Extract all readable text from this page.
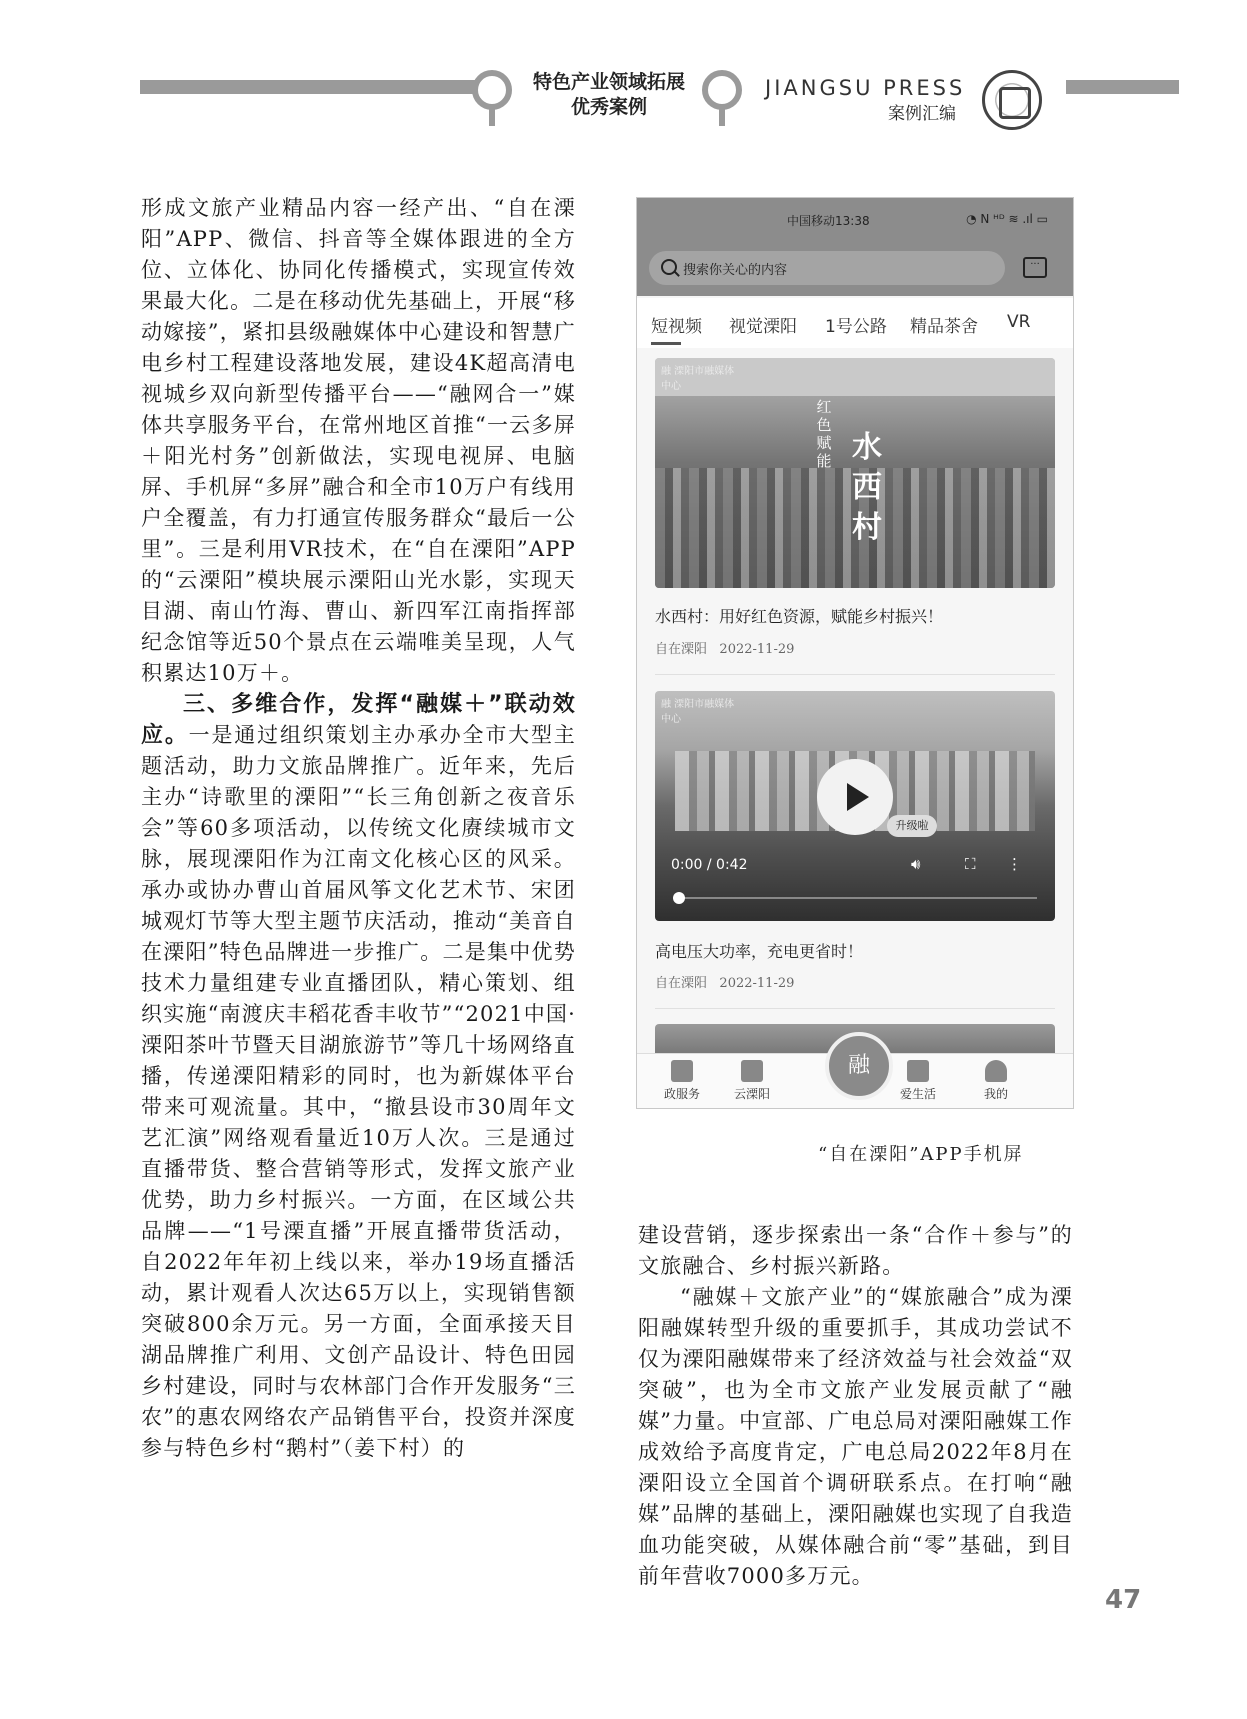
特色产业领域拓展
优秀案例
JIANGSU PRESS
案例汇编

形成文旅产业精品内容一经产出、“自在溧阳”APP、微信、抖音等全媒体跟进的全方位、立体化、协同化传播模式，实现宣传效果最大化。二是在移动优先基础上，开展“移动嫁接”，紧扣县级融媒体中心建设和智慧广电乡村工程建设落地发展，建设4K超高清电视城乡双向新型传播平台——“融网合一”媒体共享服务平台，在常州地区首推“一云多屏＋阳光村务”创新做法，实现电视屏、电脑屏、手机屏“多屏”融合和全市10万户有线用户全覆盖，有力打通宣传服务群众“最后一公里”。三是利用VR技术，在“自在溧阳”APP的“云溧阳”模块展示溧阳山光水影，实现天目湖、南山竹海、曹山、新四军江南指挥部纪念馆等近50个景点在云端唯美呈现，人气积累达10万＋。

三、多维合作，发挥“融媒＋”联动效应。一是通过组织策划主办承办全市大型主题活动，助力文旅品牌推广。近年来，先后主办“诗歌里的溧阳”“长三角创新之夜音乐会”等60多项活动，以传统文化赓续城市文脉，展现溧阳作为江南文化核心区的风采。承办或协办曹山首届风筝文化艺术节、宋团城观灯节等大型主题节庆活动，推动“美音自在溧阳”特色品牌进一步推广。二是集中优势技术力量组建专业直播团队，精心策划、组织实施“南渡庆丰稻花香丰收节”“2021中国·溧阳茶叶节暨天目湖旅游节”等几十场网络直播，传递溧阳精彩的同时，也为新媒体平台带来可观流量。其中，“撤县设市30周年文艺汇演”网络观看量近10万人次。三是通过直播带货、整合营销等形式，发挥文旅产业优势，助力乡村振兴。一方面，在区域公共品牌——“1号溧直播”开展直播带货活动，自2022年年初上线以来，举办19场直播活动，累计观看人次达65万以上，实现销售额突破800余万元。另一方面，全面承接天目湖品牌推广利用、文创产品设计、特色田园乡村建设，同时与农林部门合作开发服务“三农”的惠农网络农产品销售平台，投资并深度参与特色乡村“鹅村”（姜下村）的

中国移动13:38	◔ N ᴴᴰ ≋ .ıl ▭
搜索你关心的内容	···
短视频 视觉溧阳 1号公路 精品茶舍 VR
融 溧阳市融媒体中心
红色赋能 水西村
水西村：用好红色资源，赋能乡村振兴！
自在溧阳 2022-11-29
融 溧阳市融媒体中心
升级啦
0:00 / 0:42	🔊︎	⛶ ⋮
高电压大功率，充电更省时！
自在溧阳 2022-11-29
政服务	云溧阳	爱生活	我的
融
“自在溧阳”APP手机屏

建设营销，逐步探索出一条“合作＋参与”的文旅融合、乡村振兴新路。

“融媒＋文旅产业”的“媒旅融合”成为溧阳融媒转型升级的重要抓手，其成功尝试不仅为溧阳融媒带来了经济效益与社会效益“双突破”，也为全市文旅产业发展贡献了“融媒”力量。中宣部、广电总局对溧阳融媒工作成效给予高度肯定，广电总局2022年8月在溧阳设立全国首个调研联系点。在打响“融媒”品牌的基础上，溧阳融媒也实现了自我造血功能突破，从媒体融合前“零”基础，到目前年营收7000多万元。

47
